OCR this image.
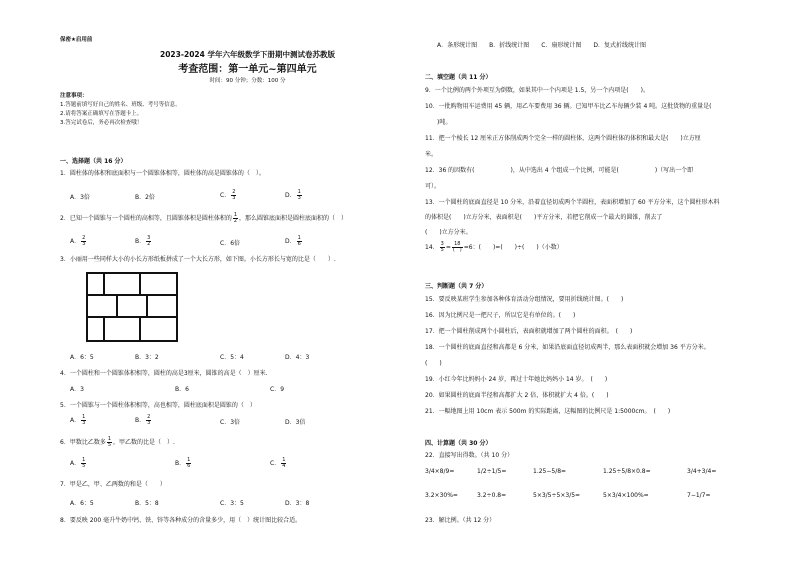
保密★启用前
2023-2024 学年六年级数学下册期中测试卷苏教版
考查范围：第一单元~第四单元
时间：90 分钟；分数：100 分
注意事项：
1.答题前填写好自己的姓名、班级、考号等信息。
2.请将答案正确填写在答题卡上。
3.答完试卷后，务必再次检查哦！
一、选择题（共 16 分）
1．圆柱体的体积和底面积与一个圆锥体相等，圆柱体的高是圆锥体的（　）。
A．3倍	B．2倍	C． $\frac{2}{3}$	D． $\frac{1}{3}$
2．已知一个圆锥与一个圆柱的高相等，且圆锥体积是圆柱体积的 $\frac{1}{2}$ ，那么圆锥底面积是圆柱底面积的（　）
A． $\frac{2}{3}$	B． $\frac{3}{2}$	C．6倍	D． $\frac{1}{6}$
3．小丽用一些同样大小的小长方形纸板拼成了一个大长方形，如下图。小长方形长与宽的比是（　　）.
A．6：5	B．3：2	C．5：4	D．4：3
4．一个圆柱和一个圆锥体积相等，圆柱的高是3厘米，圆锥的高是（　）厘米.
A．3	B．6	C．9
5．一个圆锥与一个圆柱体积相等，高也相等，圆柱底面积是圆锥的（　）
A． $\frac{1}{3}$	B． $\frac{2}{3}$	C．3倍	D．3倍
6．甲数比乙数多 $\frac{1}{5}$ ，甲乙数的比是（　）.
A． $\frac{1}{5}$	B． $\frac{1}{6}$	C． $\frac{1}{4}$
7．甲是乙，甲、乙两数的和是（　　）
A．6：5	B．5：8	C．3：5	D．3：8
8．要反映 200 毫升牛奶中钙、铁、锌等各种成分的含量多少，用（　）统计图比较合适。
A．条形统计图　　B．折线统计图　　C．扇形统计图　　D．复式折线统计图
二、填空题（共 11 分）
9．一个比例的两个外项互为倒数，如果其中一个内项是 1.5，另一个内项是(　　)。
10．一批购物用车运费用 45 辆，用乙车要费用 36 辆。已知甲车比乙车每辆少装 4 吨。这批货物的重量是(　　
　　)吨。
11．把一个棱长 12 厘米正方体削成两个完全一样的圆柱体，这两个圆柱体的体积和最大是(　　)立方厘
米。
12．36 的因数有(　　　　　　)，从中选出 4 个组成一个比例，可能是(　　　　　　)（写出一个即
可）。
13．一个圆柱的底面直径是 10 分米，沿着直径切成两个半圆柱，表面积增加了 60 平方分米，这个圆柱形木料
的体积是(　　)立方分米，表面积是(　　)平方分米，若把它削成一个最大的圆锥，削去了
(　　)立方分米。
14． $\frac{3}{5} = \frac{18}{( )} =6$：(　　)=(　　)÷(　　)（小数）
三、判断题（共 7 分）
15．要反映某班学生参加各种体育活动分组情况，要用折线统计图。(　　)
16．因为比例尺是一把尺子，所以它是有单位的。(　　)
17．把一个圆柱削成两个小圆柱后，表面积就增加了两个圆柱的面积。　(　　)
18．一个圆柱的底面直径和高都是 6 分米，如果沿底面直径切成两半，那么表面积就会增加 36 平方分米。
(　　)
19．小红今年比妈妈小 24 岁，再过十年她比妈妈小 14 岁。　(　　)
20．如果圆柱的底面半径和高都扩大 2 倍，体积就扩大 4 倍。(　　)
21．一幅地图上用 10cm 表示 500m 的实际距离，这幅图的比例尺是 1:5000cm。　(　　)
四、计算题（共 30 分）
22．直接写出得数。（共 10 分）
3/4×8/9=	1/2÷1/5=	1.25−5/8=	1.25÷5/8×0.8=	3/4+3/4=
3.2×30%=	3.2÷0.8=	5×3/5÷5×3/5=	5×3/4×100%=	7−1/7=
23．解比例。（共 12 分）
